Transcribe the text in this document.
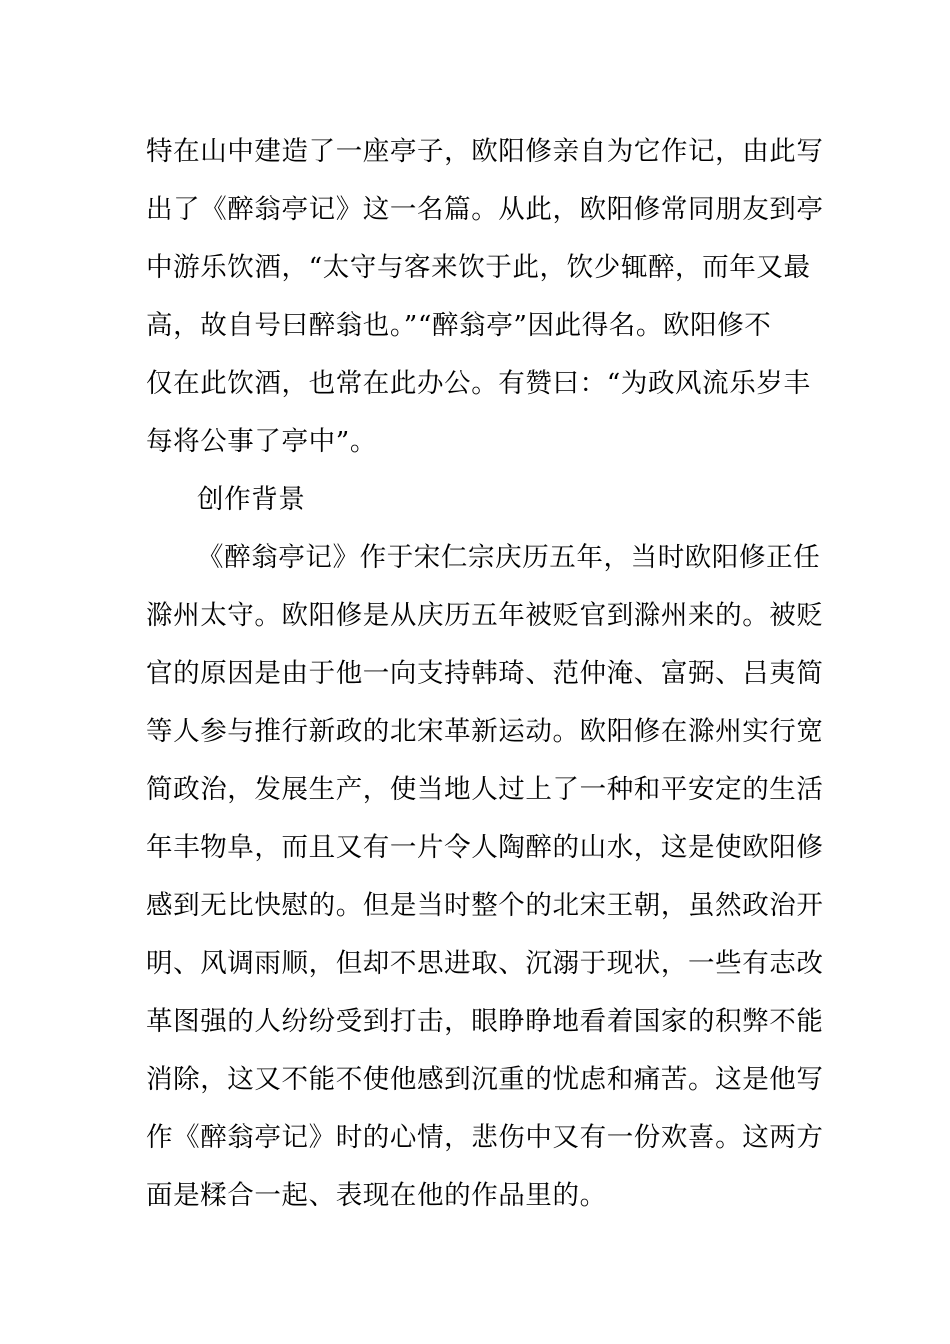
特在山中建造了一座亭子，欧阳修亲自为它作记，由此写
出了《醉翁亭记》这一名篇。从此，欧阳修常同朋友到亭
中游乐饮酒，“太守与客来饮于此，饮少辄醉，而年又最
高，故自号曰醉翁也。”“醉翁亭”因此得名。欧阳修不
仅在此饮酒，也常在此办公。有赞曰：“为政风流乐岁丰
每将公事了亭中”。
创作背景
《醉翁亭记》作于宋仁宗庆历五年，当时欧阳修正任
滁州太守。欧阳修是从庆历五年被贬官到滁州来的。被贬
官的原因是由于他一向支持韩琦、范仲淹、富弼、吕夷简
等人参与推行新政的北宋革新运动。欧阳修在滁州实行宽
简政治，发展生产，使当地人过上了一种和平安定的生活
年丰物阜，而且又有一片令人陶醉的山水，这是使欧阳修
感到无比快慰的。但是当时整个的北宋王朝，虽然政治开
明、风调雨顺，但却不思进取、沉溺于现状，一些有志改
革图强的人纷纷受到打击，眼睁睁地看着国家的积弊不能
消除，这又不能不使他感到沉重的忧虑和痛苦。这是他写
作《醉翁亭记》时的心情，悲伤中又有一份欢喜。这两方
面是糅合一起、表现在他的作品里的。
